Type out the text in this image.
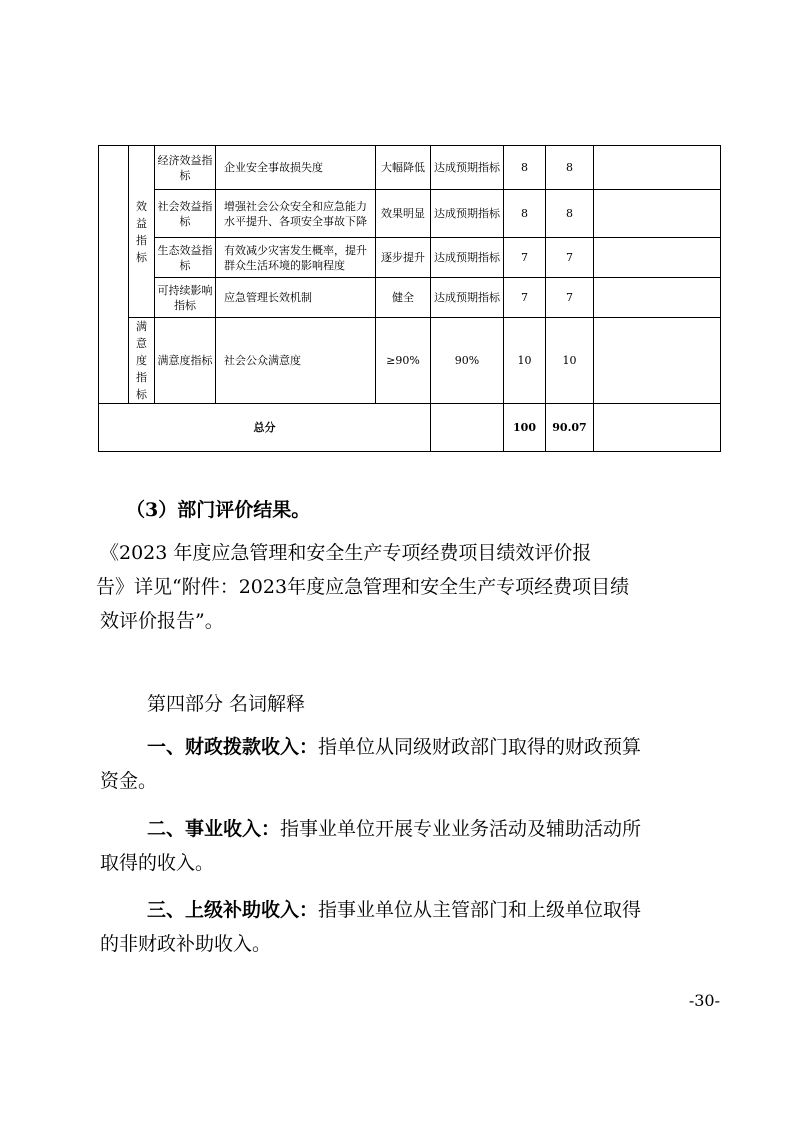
	效益指标	经济效益指标	企业安全事故损失度	大幅降低	达成预期指标	8	8	
		社会效益指标	增强社会公众安全和应急能力水平提升、各项安全事故下降	效果明显	达成预期指标	8	8	
		生态效益指标	有效减少灾害发生概率，提升群众生活环境的影响程度	逐步提升	达成预期指标	7	7	
		可持续影响指标	应急管理长效机制	健全	达成预期指标	7	7	
	满意度指标	满意度指标	社会公众满意度	≥90%	90%	10	10	
总分						100	90.07	

（3）部门评价结果。

《2023 年度应急管理和安全生产专项经费项目绩效评价报

告》详见“附件：2023年度应急管理和安全生产专项经费项目绩

效评价报告”。

第四部分 名词解释

一、财政拨款收入：指单位从同级财政部门取得的财政预算

资金。

二、事业收入：指事业单位开展专业业务活动及辅助活动所

取得的收入。

三、上级补助收入：指事业单位从主管部门和上级单位取得

的非财政补助收入。

-30-
